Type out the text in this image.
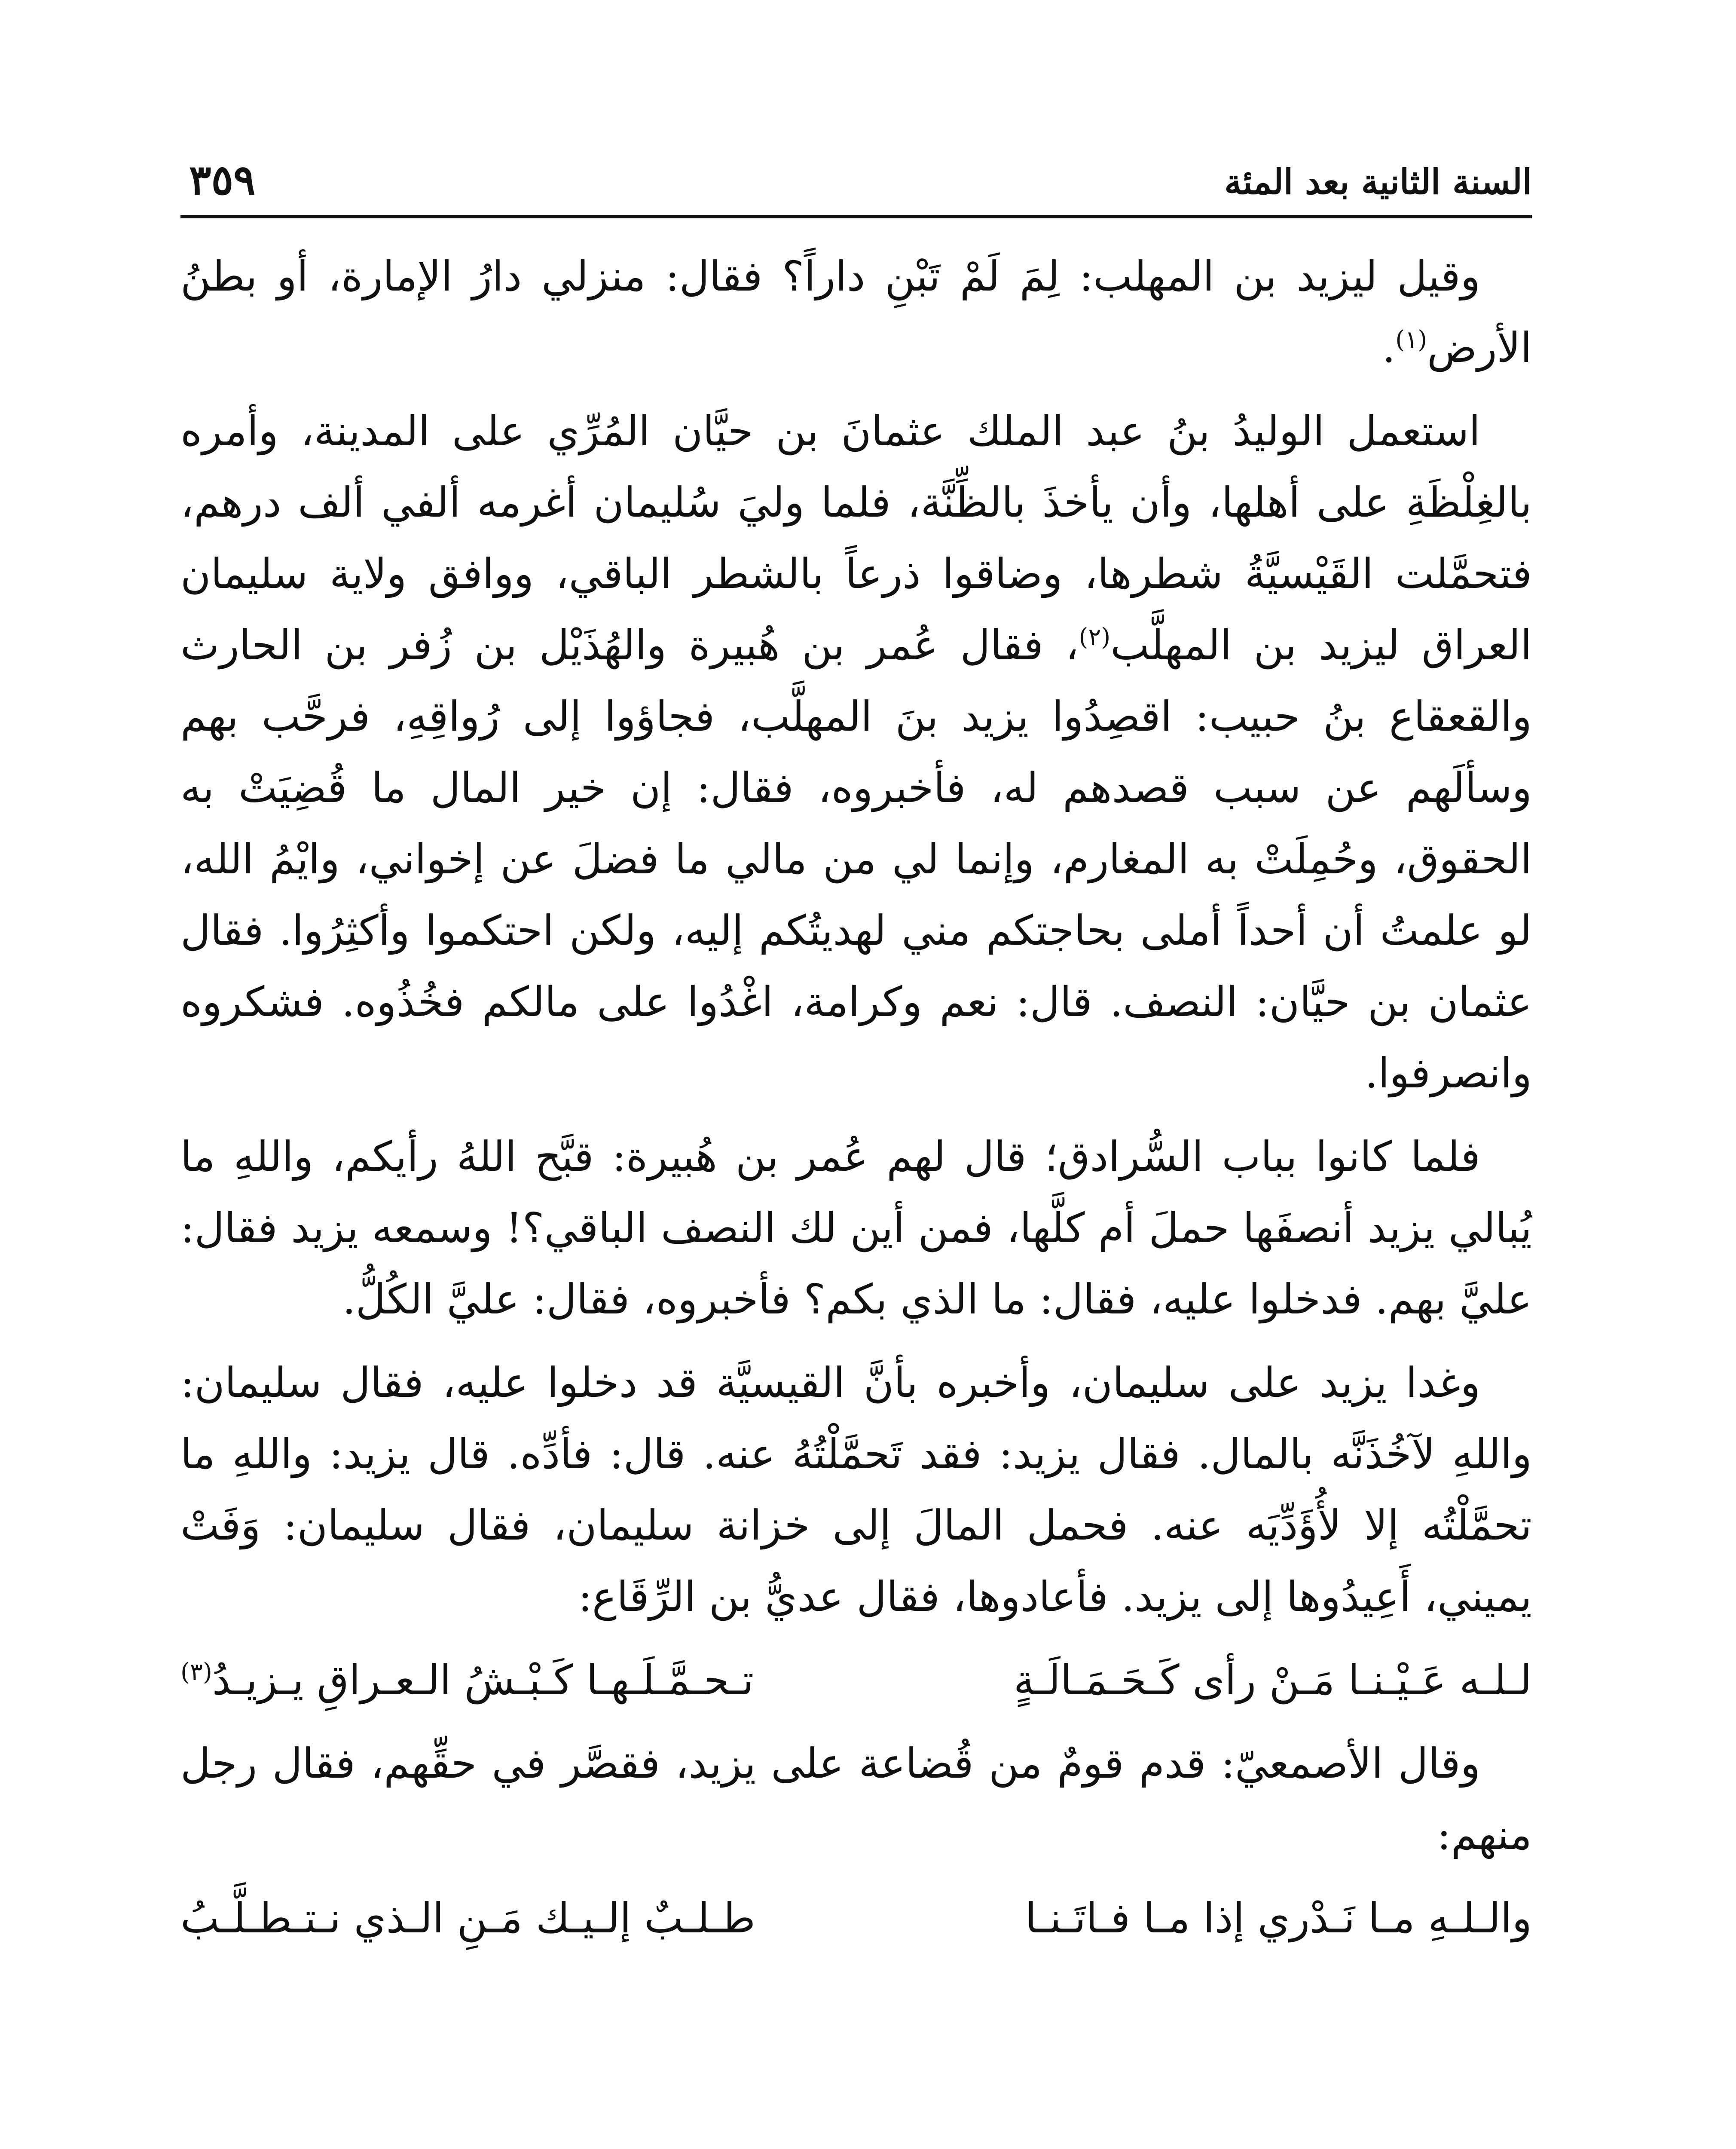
السنة الثانية بعد المئة
٣٥٩

وقيل ليزيد بن المهلب: لِمَ لَمْ تَبْنِ داراً؟ فقال: منزلي دارُ الإمارة، أو بطنُ الأرض$^{(١)}$.

استعمل الوليدُ بنُ عبد الملك عثمانَ بن حيَّان المُرِّي على المدينة، وأمره بالغِلْظَةِ على أهلها، وأن يأخذَ بالظِّنَّة، فلما وليَ سُليمان أغرمه ألفي ألف درهم، فتحمَّلت القَيْسيَّةُ شطرها، وضاقوا ذرعاً بالشطر الباقي، ووافق ولاية سليمان العراق ليزيد بن المهلَّب$^{(٢)}$، فقال عُمر بن هُبيرة والهُذَيْل بن زُفر بن الحارث والقعقاع بنُ حبيب: اقصِدُوا يزيد بنَ المهلَّب، فجاؤوا إلى رُواقِهِ، فرحَّب بهم وسألَهم عن سبب قصدهم له، فأخبروه، فقال: إن خير المال ما قُضِيَتْ به الحقوق، وحُمِلَتْ به المغارم، وإنما لي من مالي ما فضلَ عن إخواني، وايْمُ الله، لو علمتُ أن أحداً أملى بحاجتكم مني لهديتُكم إليه، ولكن احتكموا وأكثِرُوا. فقال عثمان بن حيَّان: النصف. قال: نعم وكرامة، اغْدُوا على مالكم فخُذُوه. فشكروه وانصرفوا.

فلما كانوا بباب السُّرادق؛ قال لهم عُمر بن هُبيرة: قبَّح اللهُ رأيكم، واللهِ ما يُبالي يزيد أنصفَها حملَ أم كلَّها، فمن أين لك النصف الباقي؟! وسمعه يزيد فقال: عليَّ بهم. فدخلوا عليه، فقال: ما الذي بكم؟ فأخبروه، فقال: عليَّ الكُلُّ.

وغدا يزيد على سليمان، وأخبره بأنَّ القيسيَّة قد دخلوا عليه، فقال سليمان: واللهِ لآخُذَنَّه بالمال. فقال يزيد: فقد تَحمَّلْتُهُ عنه. قال: فأدِّه. قال يزيد: واللهِ ما تحمَّلْتُه إلا لأُؤَدِّيَه عنه. فحمل المالَ إلى خزانة سليمان، فقال سليمان: وَفَتْ يميني، أَعِيدُوها إلى يزيد. فأعادوها، فقال عديُّ بن الرِّقَاع:

لـلـه عَـيْـنـا مَـنْ رأى كَـحَـمَـالَـةٍ
تـحـمَّـلَـهـا كَـبْـشُ الـعـراقِ يـزيـدُ$^{(٣)}$

وقال الأصمعيّ: قدم قومٌ من قُضاعة على يزيد، فقصَّر في حقِّهم، فقال رجل منهم:

والـلـهِ مـا نَـدْري إذا مـا فـاتَـنـا
طـلـبٌ إلـيـك مَـنِ الـذي نـتـطـلَّـبُ
